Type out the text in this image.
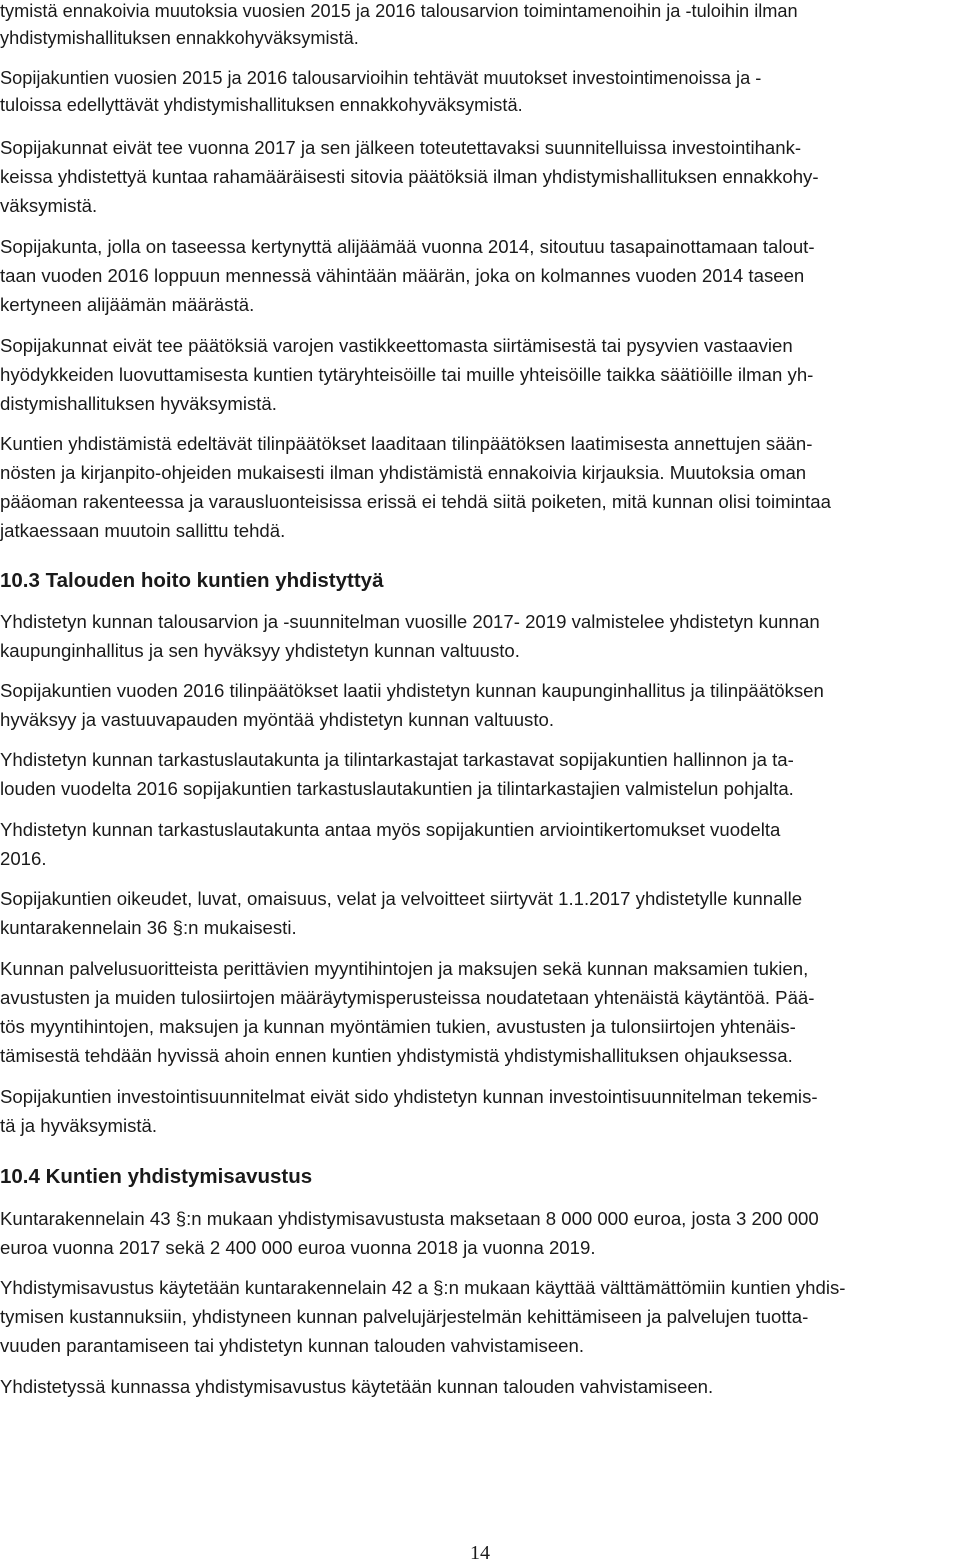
tymistä ennakoivia muutoksia vuosien 2015 ja 2016 talousarvion toimintamenoihin ja -tuloihin ilman
yhdistymishallituksen ennakkohyväksymistä.
Sopijakuntien vuosien 2015 ja 2016 talousarvioihin tehtävät muutokset investointimenoissa ja -
tuloissa edellyttävät yhdistymishallituksen ennakkohyväksymistä.
Sopijakunnat eivät tee vuonna 2017 ja sen jälkeen toteutettavaksi suunnitelluissa investointihank-
keissa yhdistettyä kuntaa rahamääräisesti sitovia päätöksiä ilman yhdistymishallituksen ennakkohy-
väksymistä.
Sopijakunta, jolla on taseessa kertynyttä alijäämää vuonna 2014, sitoutuu tasapainottamaan talout-
taan vuoden 2016 loppuun mennessä vähintään määrän, joka on kolmannes vuoden 2014 taseen
kertyneen alijäämän määrästä.
Sopijakunnat eivät tee päätöksiä varojen vastikkeettomasta siirtämisestä tai pysyvien vastaavien
hyödykkeiden luovuttamisesta kuntien tytäryhteisöille tai muille yhteisöille taikka säätiöille ilman yh-
distymishallituksen hyväksymistä.
Kuntien yhdistämistä edeltävät tilinpäätökset laaditaan tilinpäätöksen laatimisesta annettujen sään-
nösten ja kirjanpito-ohjeiden mukaisesti ilman yhdistämistä ennakoivia kirjauksia. Muutoksia oman
pääoman rakenteessa ja varausluonteisissa erissä ei tehdä siitä poiketen, mitä kunnan olisi toimintaa
jatkaessaan muutoin sallittu tehdä.
10.3 Talouden hoito kuntien yhdistyttyä
Yhdistetyn kunnan talousarvion ja -suunnitelman vuosille 2017- 2019 valmistelee yhdistetyn kunnan
kaupunginhallitus ja sen hyväksyy yhdistetyn kunnan valtuusto.
Sopijakuntien vuoden 2016 tilinpäätökset laatii yhdistetyn kunnan kaupunginhallitus ja tilinpäätöksen
hyväksyy ja vastuuvapauden myöntää yhdistetyn kunnan valtuusto.
Yhdistetyn kunnan tarkastuslautakunta ja tilintarkastajat tarkastavat sopijakuntien hallinnon ja ta-
louden vuodelta 2016 sopijakuntien tarkastuslautakuntien ja tilintarkastajien valmistelun pohjalta.
Yhdistetyn kunnan tarkastuslautakunta antaa myös sopijakuntien arviointikertomukset vuodelta
2016.
Sopijakuntien oikeudet, luvat, omaisuus, velat ja velvoitteet siirtyvät 1.1.2017 yhdistetylle kunnalle
kuntarakennelain 36 §:n mukaisesti.
Kunnan palvelusuoritteista perittävien myyntihintojen ja maksujen sekä kunnan maksamien tukien,
avustusten ja muiden tulosiirtojen määräytymisperusteissa noudatetaan yhtenäistä käytäntöä. Pää-
tös myyntihintojen, maksujen ja kunnan myöntämien tukien, avustusten ja tulonsiirtojen yhtenäis-
tämisestä tehdään hyvissä ahoin ennen kuntien yhdistymistä yhdistymishallituksen ohjauksessa.
Sopijakuntien investointisuunnitelmat eivät sido yhdistetyn kunnan investointisuunnitelman tekemis-
tä ja hyväksymistä.
10.4 Kuntien yhdistymisavustus
Kuntarakennelain 43 §:n mukaan yhdistymisavustusta maksetaan 8 000 000 euroa, josta 3 200 000
euroa vuonna 2017 sekä 2 400 000 euroa vuonna 2018 ja vuonna 2019.
Yhdistymisavustus käytetään kuntarakennelain 42 a §:n mukaan käyttää välttämättömiin kuntien yhdis-
tymisen kustannuksiin, yhdistyneen kunnan palvelujärjestelmän kehittämiseen ja palvelujen tuotta-
vuuden parantamiseen tai yhdistetyn kunnan talouden vahvistamiseen.
Yhdistetyssä kunnassa yhdistymisavustus käytetään kunnan talouden vahvistamiseen.
14
